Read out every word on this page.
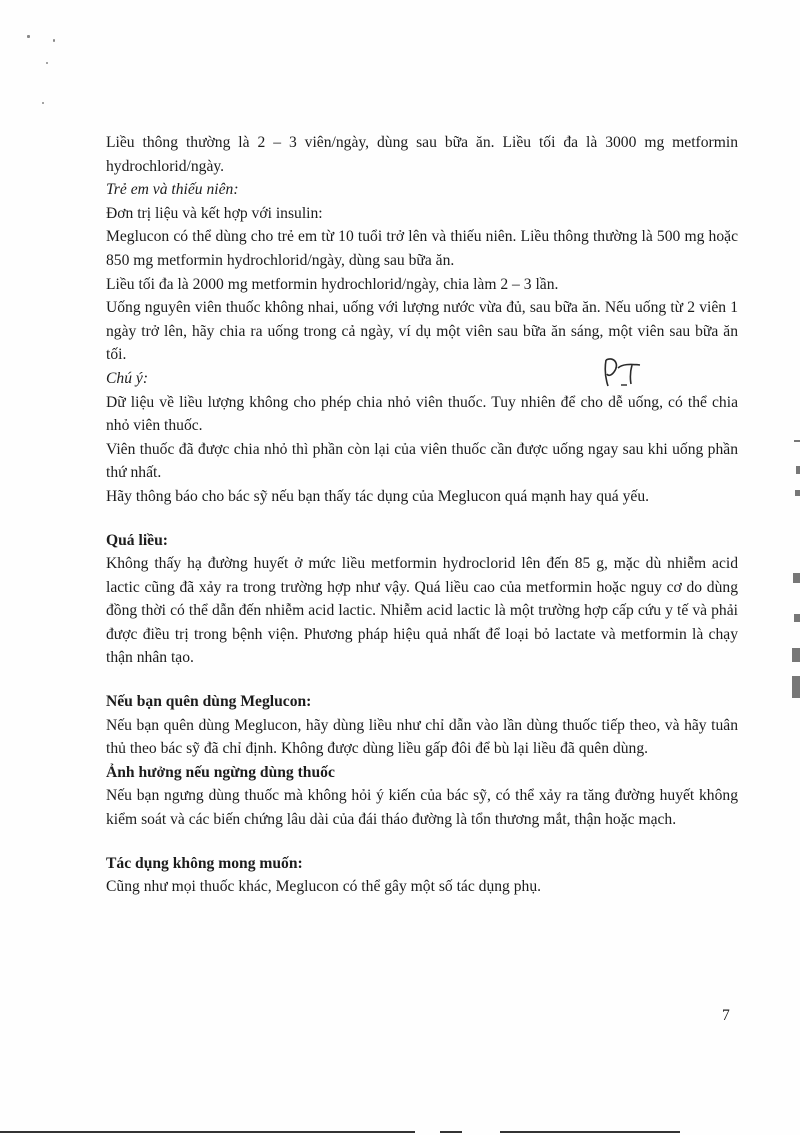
Liều thông thường là 2 – 3 viên/ngày, dùng sau bữa ăn. Liều tối đa là 3000 mg metformin hydrochlorid/ngày.

Trẻ em và thiếu niên:

Đơn trị liệu và kết hợp với insulin:

Meglucon có thể dùng cho trẻ em từ 10 tuổi trở lên và thiếu niên. Liều thông thường là 500 mg hoặc 850 mg metformin hydrochlorid/ngày, dùng sau bữa ăn.

Liều tối đa là 2000 mg metformin hydrochlorid/ngày, chia làm 2 – 3 lần.

Uống nguyên viên thuốc không nhai, uống với lượng nước vừa đủ, sau bữa ăn. Nếu uống từ 2 viên 1 ngày trở lên, hãy chia ra uống trong cả ngày, ví dụ một viên sau bữa ăn sáng, một viên sau bữa ăn tối.

Chú ý:

Dữ liệu về liều lượng không cho phép chia nhỏ viên thuốc. Tuy nhiên để cho dễ uống, có thể chia nhỏ viên thuốc.

Viên thuốc đã được chia nhỏ thì phần còn lại của viên thuốc cần được uống ngay sau khi uống phần thứ nhất.

Hãy thông báo cho bác sỹ nếu bạn thấy tác dụng của Meglucon quá mạnh hay quá yếu.

Quá liều:

Không thấy hạ đường huyết ở mức liều metformin hydroclorid lên đến 85 g, mặc dù nhiễm acid lactic cũng đã xảy ra trong trường hợp như vậy. Quá liều cao của metformin hoặc nguy cơ do dùng đồng thời có thể dẫn đến nhiễm acid lactic. Nhiễm acid lactic là một trường hợp cấp cứu y tế và phải được điều trị trong bệnh viện. Phương pháp hiệu quả nhất để loại bỏ lactate và metformin là chạy thận nhân tạo.

Nếu bạn quên dùng Meglucon:

Nếu bạn quên dùng Meglucon, hãy dùng liều như chỉ dẫn vào lần dùng thuốc tiếp theo, và hãy tuân thủ theo bác sỹ đã chỉ định. Không được dùng liều gấp đôi để bù lại liều đã quên dùng.

Ảnh hưởng nếu ngừng dùng thuốc

Nếu bạn ngưng dùng thuốc mà không hỏi ý kiến của bác sỹ, có thể xảy ra tăng đường huyết không kiểm soát và các biến chứng lâu dài của đái tháo đường là tổn thương mắt, thận hoặc mạch.

Tác dụng không mong muốn:

Cũng như mọi thuốc khác, Meglucon có thể gây một số tác dụng phụ.

7
